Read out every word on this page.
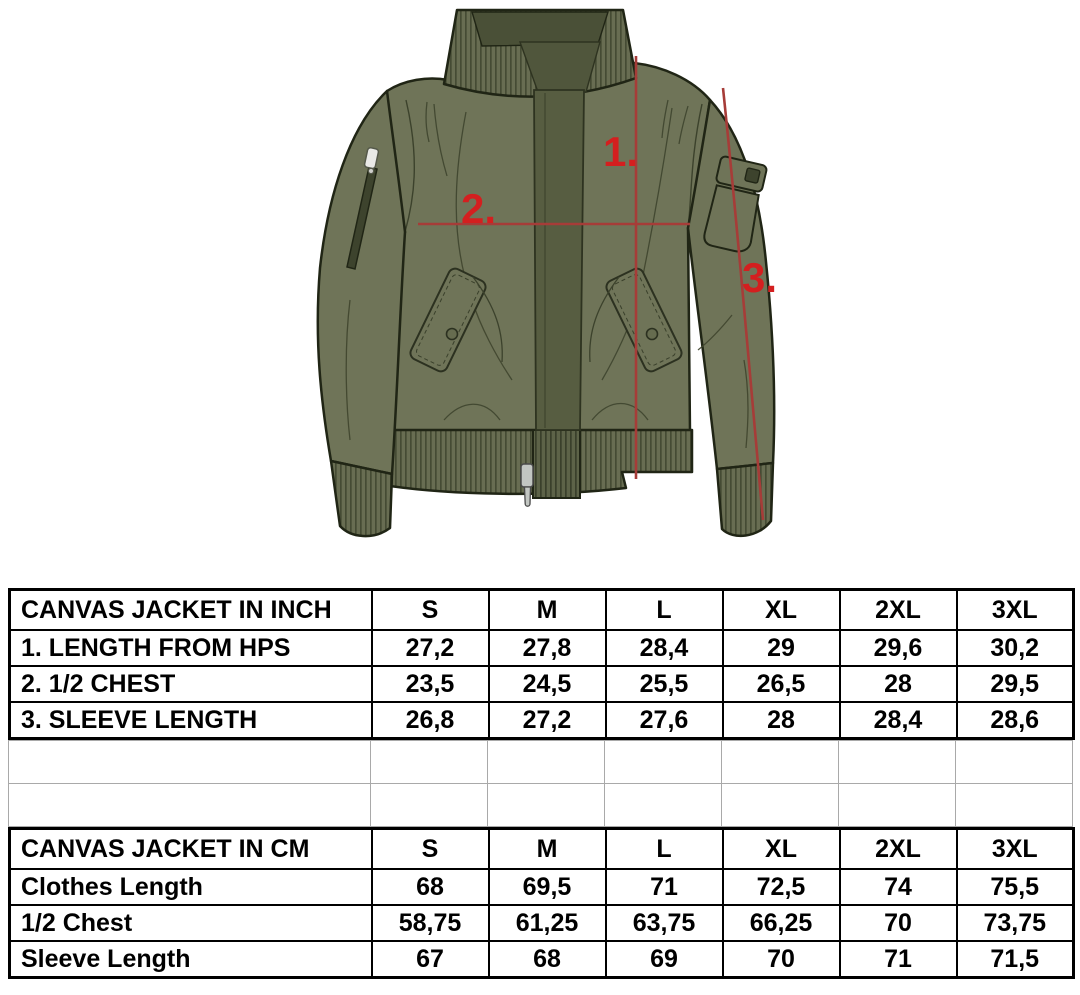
1.
2.
3.
CANVAS JACKET IN INCH	S	M	L	XL	2XL	3XL
1. LENGTH FROM HPS	27,2	27,8	28,4	29	29,6	30,2
2. 1/2 CHEST	23,5	24,5	25,5	26,5	28	29,5
3. SLEEVE LENGTH	26,8	27,2	27,6	28	28,4	28,6

CANVAS JACKET IN CM	S	M	L	XL	2XL	3XL
Clothes Length	68	69,5	71	72,5	74	75,5
1/2 Chest	58,75	61,25	63,75	66,25	70	73,75
Sleeve Length	67	68	69	70	71	71,5
